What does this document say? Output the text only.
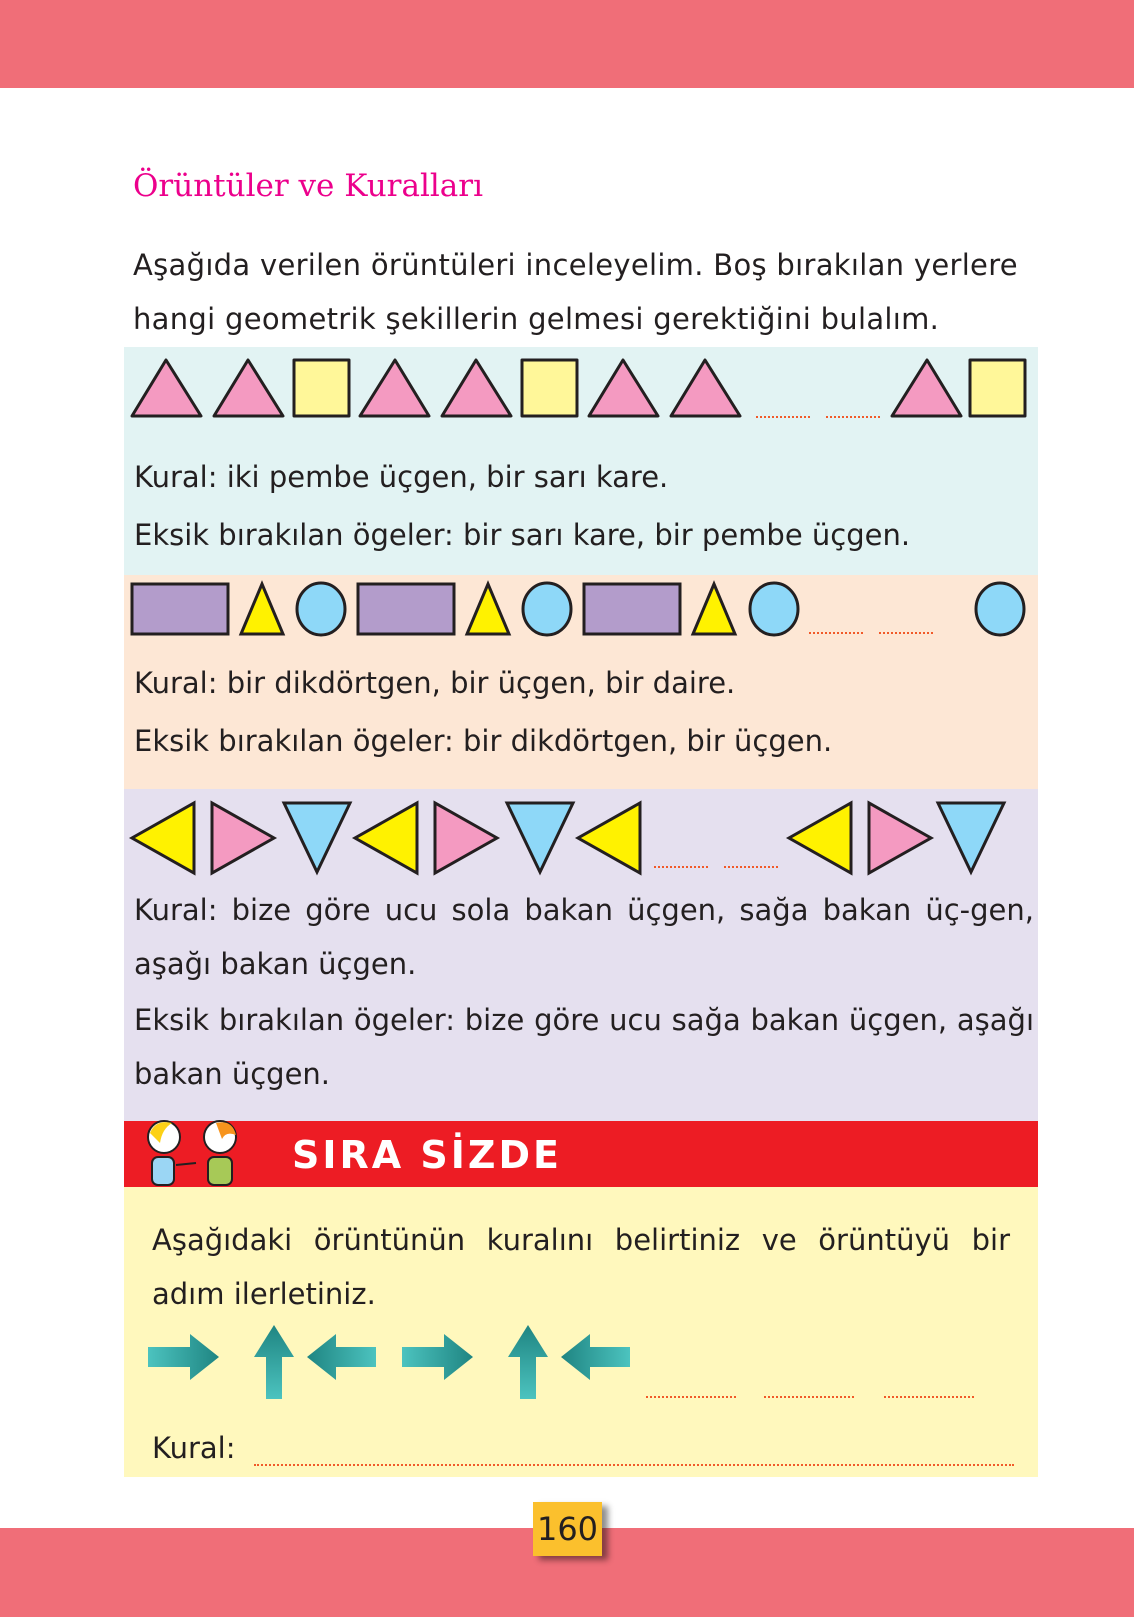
Örüntüler ve Kuralları
Aşağıda verilen örüntüleri inceleyelim. Boş bırakılan yerlere hangi geometrik şekillerin gelmesi gerektiğini bulalım.
Kural: iki pembe üçgen, bir sarı kare.
Eksik bırakılan ögeler: bir sarı kare, bir pembe üçgen.
Kural: bir dikdörtgen, bir üçgen, bir daire.
Eksik bırakılan ögeler: bir dikdörtgen, bir üçgen.
Kural: bize göre ucu sola bakan üçgen, sağa bakan üç-gen, aşağı bakan üçgen.
Eksik bırakılan ögeler: bize göre ucu sağa bakan üçgen, aşağı bakan üçgen.
SIRA SİZDE
Aşağıdaki örüntünün kuralını belirtiniz ve örüntüyü bir adım ilerletiniz.
Kural:
160
